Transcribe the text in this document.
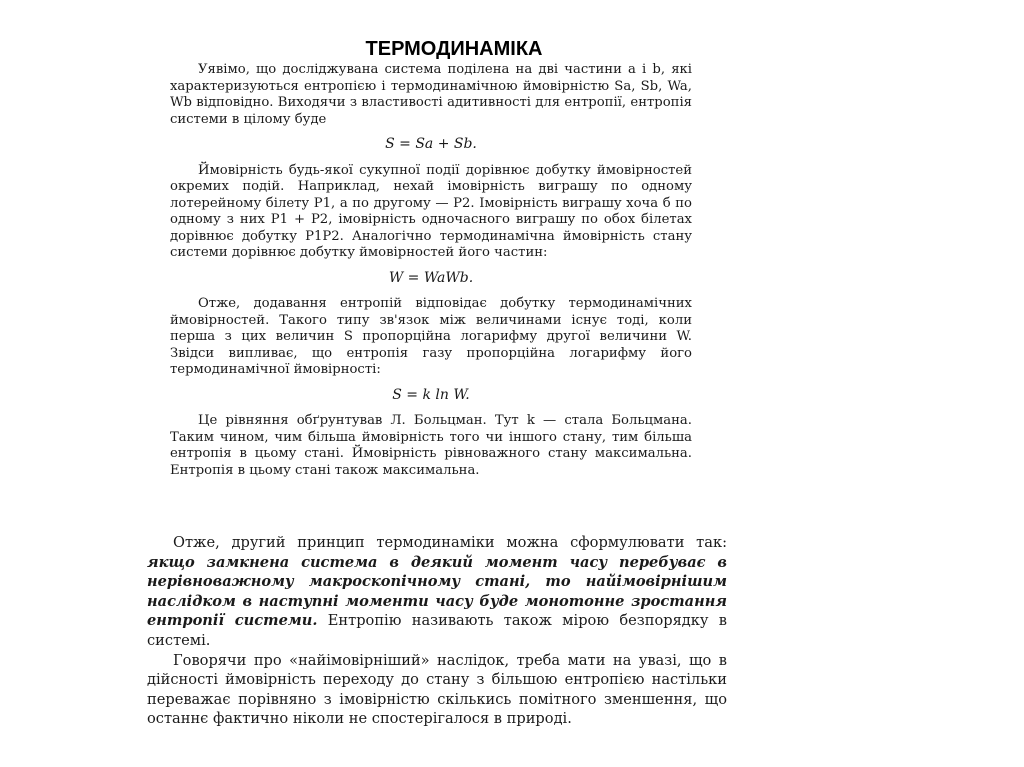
ТЕРМОДИНАМІКА

Уявімо, що досліджувана система поділена на дві частини a і b, які характеризуються ентропією і термодинамічною ймовірністю Sa, Sb, Wa, Wb відповідно. Виходячи з властивості адитивності для ентропії, ентропія системи в цілому буде

S = Sa + Sb.

Ймовірність будь-якої сукупної події дорівнює добутку ймовірностей окремих подій. Наприклад, нехай імовірність виграшу по одному лотерейному білету P1, а по другому — P2. Імовірність виграшу хоча б по одному з них P1 + P2, імовірність одночасного виграшу по обох білетах дорівнює добутку P1P2. Аналогічно термодинамічна ймовірність стану системи дорівнює добутку ймовірностей його частин:

W = WaWb.

Отже, додавання ентропій відповідає добутку термодинамічних ймовірностей. Такого типу зв'язок між величинами існує тоді, коли перша з цих величин S пропорційна логарифму другої величини W. Звідси випливає, що ентропія газу пропорційна логарифму його термодинамічної ймовірності:

S = k ln W.

Це рівняння обґрунтував Л. Больцман. Тут k — стала Больцмана. Таким чином, чим більша ймовірність того чи іншого стану, тим більша ентропія в цьому стані. Ймовірність рівноважного стану максимальна. Ентропія в цьому стані також максимальна.

Отже, другий принцип термодинаміки можна сформулювати так: якщо замкнена система в деякий момент часу перебуває в нерівноважному макроскопічному стані, то найімовірнішим наслідком в наступні моменти часу буде монотонне зростання ентропії системи. Ентропію називають також мірою безпорядку в системі.

Говорячи про «найімовірніший» наслідок, треба мати на увазі, що в дійсності ймовірність переходу до стану з більшою ентропією настільки переважає порівняно з імовірністю скількись помітного зменшення, що останнє фактично ніколи не спостерігалося в природі.
